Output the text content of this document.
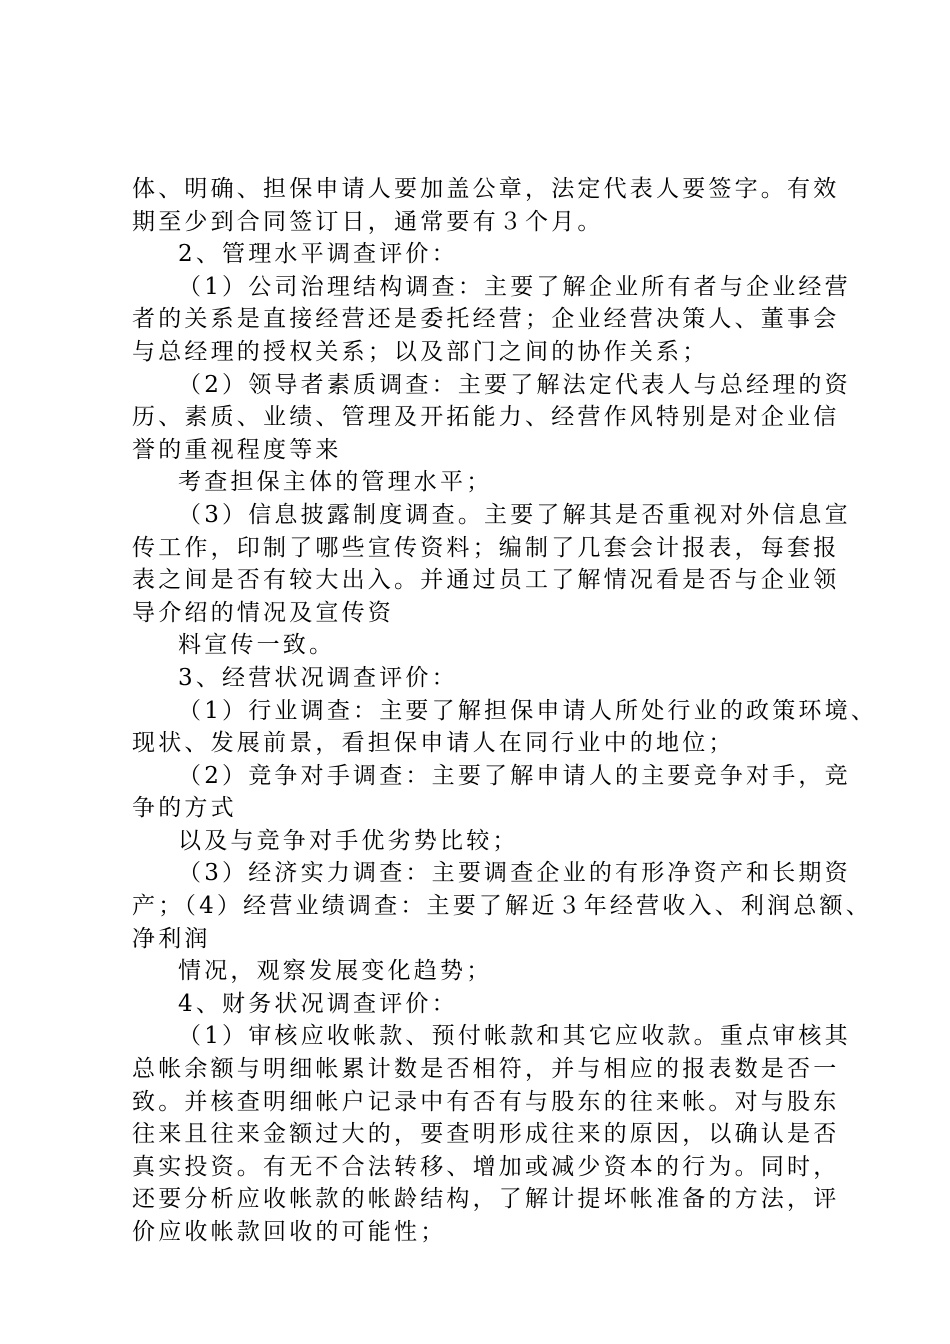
体、明确、担保申请人要加盖公章，法定代表人要签字。有效
期至少到合同签订日，通常要有３个月。
2、管理水平调查评价：
（1）公司治理结构调查：主要了解企业所有者与企业经营
者的关系是直接经营还是委托经营；企业经营决策人、董事会
与总经理的授权关系；以及部门之间的协作关系；
（2）领导者素质调查：主要了解法定代表人与总经理的资
历、素质、业绩、管理及开拓能力、经营作风特别是对企业信
誉的重视程度等来
考查担保主体的管理水平；
（3）信息披露制度调查。主要了解其是否重视对外信息宣
传工作，印制了哪些宣传资料；编制了几套会计报表，每套报
表之间是否有较大出入。并通过员工了解情况看是否与企业领
导介绍的情况及宣传资
料宣传一致。
3、经营状况调查评价：
（1）行业调查：主要了解担保申请人所处行业的政策环境、
现状、发展前景，看担保申请人在同行业中的地位；
（2）竞争对手调查：主要了解申请人的主要竞争对手，竞
争的方式
以及与竞争对手优劣势比较；
（3）经济实力调查：主要调查企业的有形净资产和长期资
产；（4）经营业绩调查：主要了解近３年经营收入、利润总额、
净利润
情况，观察发展变化趋势；
4、财务状况调查评价：
（1）审核应收帐款、预付帐款和其它应收款。重点审核其
总帐余额与明细帐累计数是否相符，并与相应的报表数是否一
致。并核查明细帐户记录中有否有与股东的往来帐。对与股东
往来且往来金额过大的，要查明形成往来的原因，以确认是否
真实投资。有无不合法转移、增加或减少资本的行为。同时，
还要分析应收帐款的帐龄结构，了解计提坏帐准备的方法，评
价应收帐款回收的可能性；
